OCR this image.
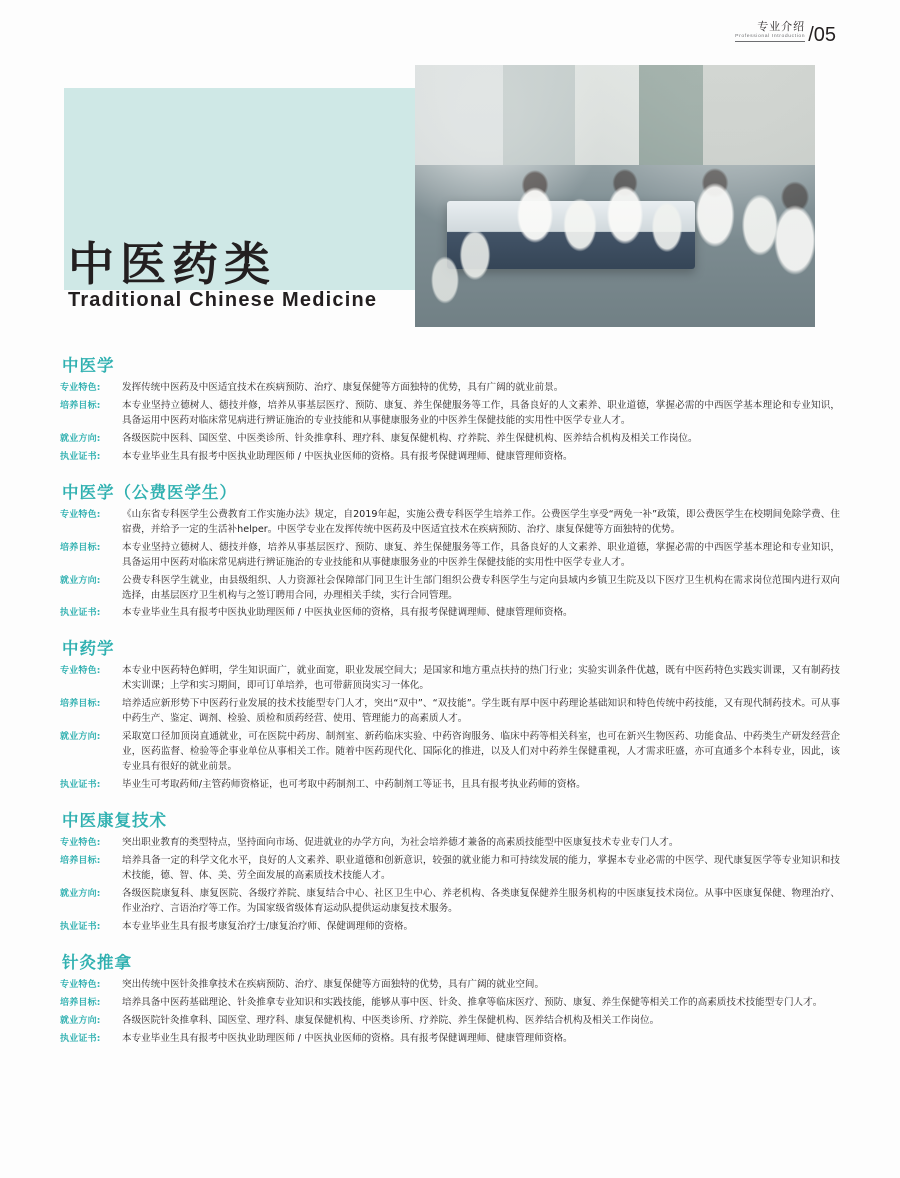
专业介绍
Professional Introduction /05
中医药类
Traditional Chinese Medicine
中医学
专业特色:	发挥传统中医药及中医适宜技术在疾病预防、治疗、康复保健等方面独特的优势，具有广阔的就业前景。
培养目标:	本专业坚持立德树人、德技并修，培养从事基层医疗、预防、康复、养生保健服务等工作，具备良好的人文素养、职业道德，掌握必需的中西医学基本理论和专业知识，具备运用中医药对临床常见病进行辨证施治的专业技能和从事健康服务业的中医养生保健技能的实用性中医学专业人才。
就业方向:	各级医院中医科、国医堂、中医类诊所、针灸推拿科、理疗科、康复保健机构、疗养院、养生保健机构、医养结合机构及相关工作岗位。
执业证书:	本专业毕业生具有报考中医执业助理医师 / 中医执业医师的资格。具有报考保健调理师、健康管理师资格。
中医学（公费医学生）
专业特色:	《山东省专科医学生公费教育工作实施办法》规定，自2019年起，实施公费专科医学生培养工作。公费医学生享受“两免一补”政策，即公费医学生在校期间免除学费、住宿费，并给予一定的生活补helper。中医学专业在发挥传统中医药及中医适宜技术在疾病预防、治疗、康复保健等方面独特的优势。
培养目标:	本专业坚持立德树人、德技并修，培养从事基层医疗、预防、康复、养生保健服务等工作，具备良好的人文素养、职业道德，掌握必需的中西医学基本理论和专业知识，具备运用中医药对临床常见病进行辨证施治的专业技能和从事健康服务业的中医养生保健技能的实用性中医学专业人才。
就业方向:	公费专科医学生就业，由县级组织、人力资源社会保障部门同卫生计生部门组织公费专科医学生与定向县域内乡镇卫生院及以下医疗卫生机构在需求岗位范围内进行双向选择，由基层医疗卫生机构与之签订聘用合同，办理相关手续，实行合同管理。
执业证书:	本专业毕业生具有报考中医执业助理医师 / 中医执业医师的资格，具有报考保健调理师、健康管理师资格。
中药学
专业特色:	本专业中医药特色鲜明，学生知识面广，就业面宽，职业发展空间大；是国家和地方重点扶持的热门行业；实验实训条件优越，既有中医药特色实践实训课，又有制药技术实训课；上学和实习期间，即可订单培养，也可带薪顶岗实习一体化。
培养目标:	培养适应新形势下中医药行业发展的技术技能型专门人才，突出“双中”、“双技能”。学生既有厚中医中药理论基础知识和特色传统中药技能，又有现代制药技术。可从事中药生产、鉴定、调剂、检验、质检和质药经营、使用、管理能力的高素质人才。
就业方向:	采取宽口径加顶岗直通就业，可在医院中药房、制剂室、新药临床实验、中药咨询服务、临床中药等相关科室，也可在新兴生物医药、功能食品、中药类生产研发经营企业，医药监督、检验等企事业单位从事相关工作。随着中医药现代化、国际化的推进，以及人们对中药养生保健重视，人才需求旺盛，亦可直通多个本科专业，因此，该专业具有很好的就业前景。
执业证书:	毕业生可考取药师/主管药师资格证，也可考取中药制剂工、中药制剂工等证书，且具有报考执业药师的资格。
中医康复技术
专业特色:	突出职业教育的类型特点，坚持面向市场、促进就业的办学方向，为社会培养德才兼备的高素质技能型中医康复技术专业专门人才。
培养目标:	培养具备一定的科学文化水平，良好的人文素养、职业道德和创新意识，较强的就业能力和可持续发展的能力，掌握本专业必需的中医学、现代康复医学等专业知识和技术技能，德、智、体、美、劳全面发展的高素质技术技能人才。
就业方向:	各级医院康复科、康复医院、各级疗养院、康复结合中心、社区卫生中心、养老机构、各类康复保健养生服务机构的中医康复技术岗位。从事中医康复保健、物理治疗、作业治疗、言语治疗等工作。为国家级省级体育运动队提供运动康复技术服务。
执业证书:	本专业毕业生具有报考康复治疗士/康复治疗师、保健调理师的资格。
针灸推拿
专业特色:	突出传统中医针灸推拿技术在疾病预防、治疗、康复保健等方面独特的优势，具有广阔的就业空间。
培养目标:	培养具备中医药基础理论、针灸推拿专业知识和实践技能，能够从事中医、针灸、推拿等临床医疗、预防、康复、养生保健等相关工作的高素质技术技能型专门人才。
就业方向:	各级医院针灸推拿科、国医堂、理疗科、康复保健机构、中医类诊所、疗养院、养生保健机构、医养结合机构及相关工作岗位。
执业证书:	本专业毕业生具有报考中医执业助理医师 / 中医执业医师的资格。具有报考保健调理师、健康管理师资格。
